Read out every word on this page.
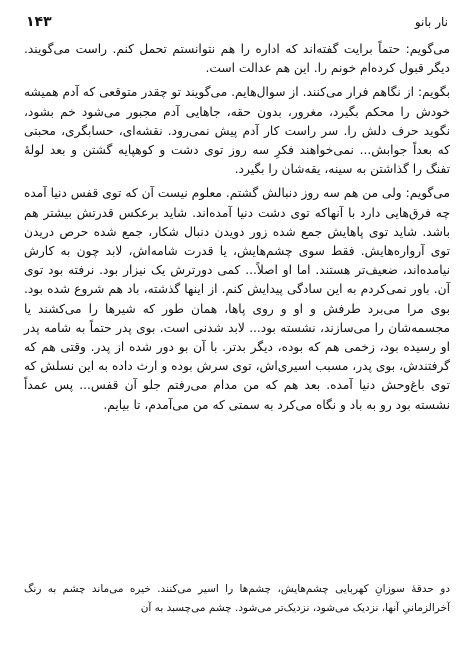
نار بانو
۱۴۳

می‌گویم: حتماً برایت گفته‌اند که اداره را هم نتوانستم تحمل کنم. راست می‌گویند. دیگر قبول کرده‌ام خونم را. این هم عدالت است.

بگویم: از نگاهم فرار می‌کنند. از سوال‌هایم. می‌گویند تو چقدر متوقعی که آدم همیشه خودش را محکم بگیرد، مغرور، بدون حقه، جاهایی آدم مجبور می‌شود خم بشود، نگوید حرف دلش را. سر راست کار آدم پیش نمی‌رود. نقشه‌ای، حسابگری، محبتی که بعداً جوابش... نمی‌خواهند فکرِ سه روز توی دشت و کوهپایه گشتن و بعد لولهٔ تفنگ را گذاشتن به سینه، یقه‌شان را بگیرد.

می‌گویم: ولی من هم سه روز دنبالش گشتم. معلوم نیست آن که توی قفس دنیا آمده چه فرق‌هایی دارد با آنهاکه توی دشت دنیا آمده‌اند. شاید برعکس قدرتش بیشتر هم باشد. شاید توی پاهایش جمع شده زور دویدن دنبال شکار، جمع شده حرص دریدن توی آرواره‌هایش. فقط سوی چشم‌هایش، یا قدرت شامه‌اش، لابد چون به کارش نیامده‌اند، ضعیف‌تر هستند. اما او اصلاً... کمی دورترش یک نیزار بود. نرفته بود توی آن. باور نمی‌کردم به این سادگی پیدایش کنم. از اینها گذشته، باد هم شروع شده بود. بوی مرا می‌برد طرفش و او و روی پاها، همان طور که شیرها را می‌کشند یا مجسمه‌شان را می‌سازند، نشسته بود... لابد شدنی است. بوی پدر حتماً به شامه پدر او رسیده بود، زخمی هم که بوده، دیگر بدتر. با آن بو دور شده از پدر. وقتی هم که گرفتندش، بوی پدر، مسبب اسیری‌اش، توی سرش بوده و ارث داده به این نسلش که توی باغ‌وحش دنیا آمده. بعد هم که من مدام می‌رفتم جلو آن قفس... پس عمداً نشسته بود رو به باد و نگاه می‌کرد به سمتی که من می‌آمدم، تا بیایم.

دو حدقهٔ سوزانِ کهربایی چشم‌هایش، چشم‌ها را اسیر می‌کنند. خیره می‌ماند چشم به رنگ آخرالزمانیِ آنها، نزدیک می‌شود، نزدیک‌تر می‌شود. چشم می‌چسبد به آن
